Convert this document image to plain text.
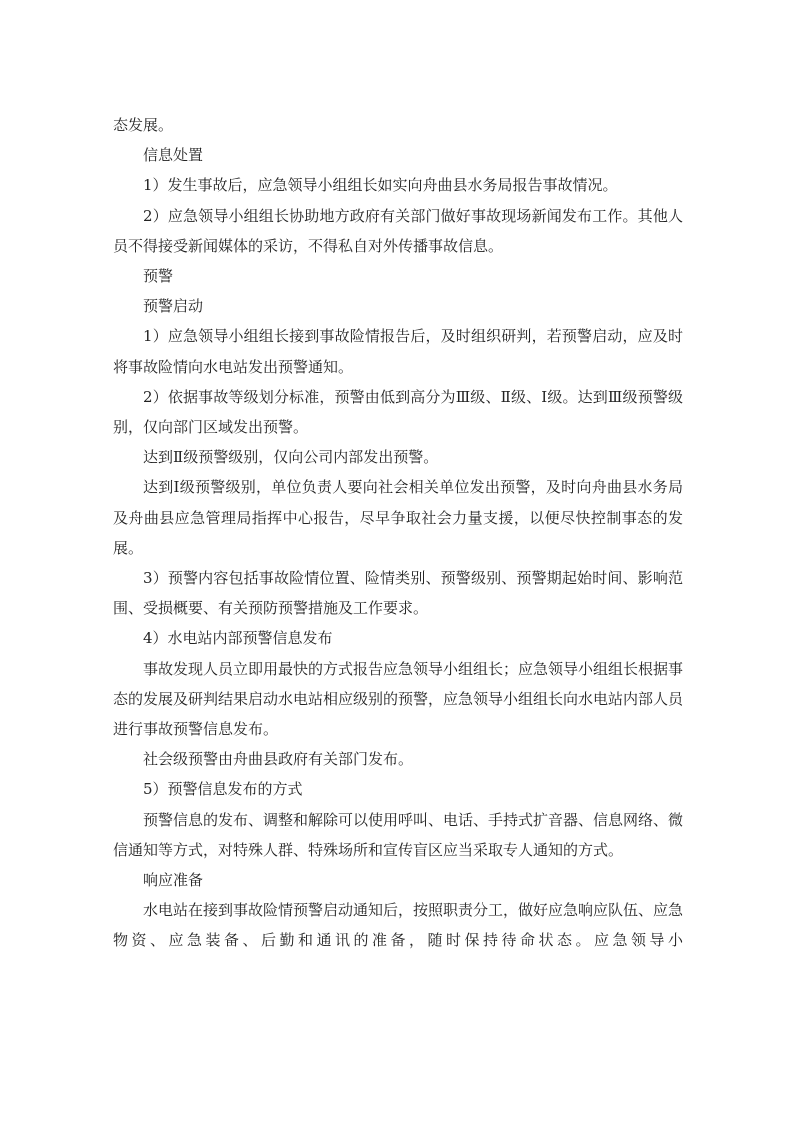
态发展。

信息处置

1）发生事故后，应急领导小组组长如实向舟曲县水务局报告事故情况。

2）应急领导小组组长协助地方政府有关部门做好事故现场新闻发布工作。其他人员不得接受新闻媒体的采访，不得私自对外传播事故信息。

预警

预警启动

1）应急领导小组组长接到事故险情报告后，及时组织研判，若预警启动，应及时将事故险情向水电站发出预警通知。

2）依据事故等级划分标准，预警由低到高分为Ⅲ级、Ⅱ级、Ⅰ级。达到Ⅲ级预警级别，仅向部门区域发出预警。

达到Ⅱ级预警级别，仅向公司内部发出预警。

达到Ⅰ级预警级别，单位负责人要向社会相关单位发出预警，及时向舟曲县水务局及舟曲县应急管理局指挥中心报告，尽早争取社会力量支援，以便尽快控制事态的发展。

3）预警内容包括事故险情位置、险情类别、预警级别、预警期起始时间、影响范围、受损概要、有关预防预警措施及工作要求。

4）水电站内部预警信息发布

事故发现人员立即用最快的方式报告应急领导小组组长；应急领导小组组长根据事态的发展及研判结果启动水电站相应级别的预警，应急领导小组组长向水电站内部人员进行事故预警信息发布。

社会级预警由舟曲县政府有关部门发布。

5）预警信息发布的方式

预警信息的发布、调整和解除可以使用呼叫、电话、手持式扩音器、信息网络、微信通知等方式，对特殊人群、特殊场所和宣传盲区应当采取专人通知的方式。

响应准备

水电站在接到事故险情预警启动通知后，按照职责分工，做好应急响应队伍、应急物资、应急装备、后勤和通讯的准备，随时保持待命状态。应急领导小
